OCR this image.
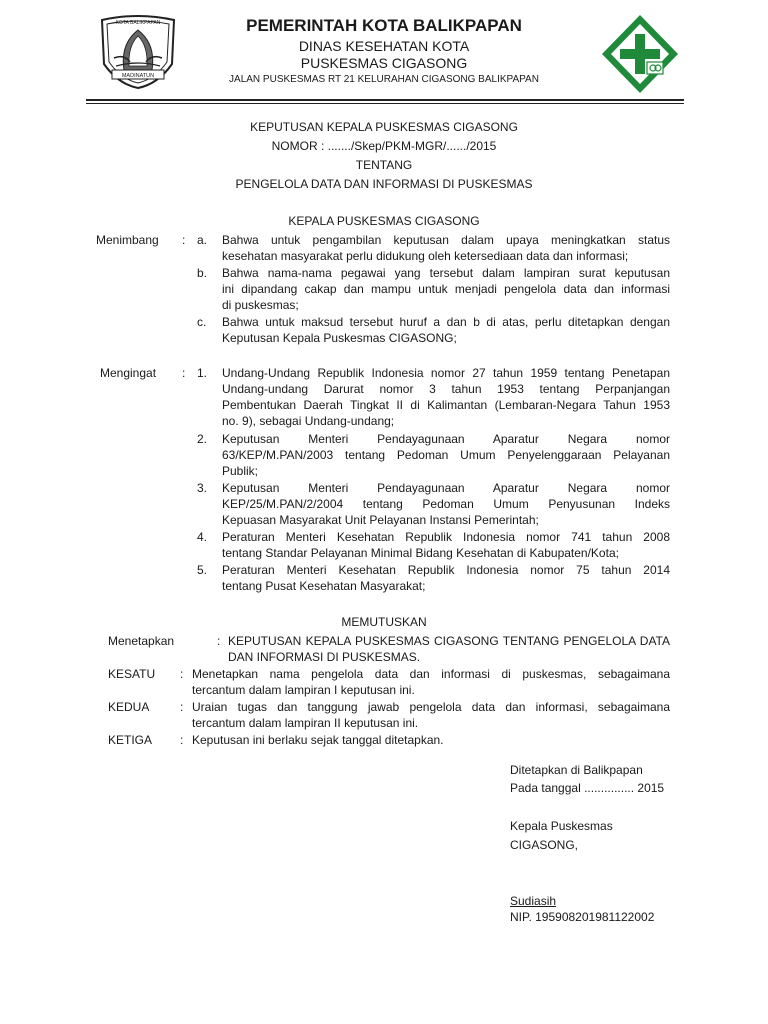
KOTA BALIKPAPAN
MADINATUN
PEMERINTAH KOTA BALIKPAPAN
DINAS KESEHATAN KOTA
PUSKESMAS CIGASONG
JALAN PUSKESMAS RT 21 KELURAHAN CIGASONG BALIKPAPAN
KEPUTUSAN KEPALA PUSKESMAS CIGASONG
NOMOR : ......./Skep/PKM-MGR/....../2015
TENTANG
PENGELOLA DATA DAN INFORMASI DI PUSKESMAS
KEPALA PUSKESMAS CIGASONG
Menimbang : a. Bahwa untuk pengambilan keputusan dalam upaya meningkatkan status
kesehatan masyarakat perlu didukung oleh ketersediaan data dan informasi;
b. Bahwa nama-nama pegawai yang tersebut dalam lampiran surat keputusan
ini dipandang cakap dan mampu untuk menjadi pengelola data dan informasi
di puskesmas;
c. Bahwa untuk maksud tersebut huruf a dan b di atas, perlu ditetapkan dengan
Keputusan Kepala Puskesmas CIGASONG;
Mengingat : 1. Undang-Undang Republik Indonesia nomor 27 tahun 1959 tentang Penetapan
Undang-undang Darurat nomor 3 tahun 1953 tentang Perpanjangan
Pembentukan Daerah Tingkat II di Kalimantan (Lembaran-Negara Tahun 1953
no. 9), sebagai Undang-undang;
2. Keputusan Menteri Pendayagunaan Aparatur Negara nomor
63/KEP/M.PAN/2003 tentang Pedoman Umum Penyelenggaraan Pelayanan
Publik;
3. Keputusan Menteri Pendayagunaan Aparatur Negara nomor
KEP/25/M.PAN/2/2004 tentang Pedoman Umum Penyusunan Indeks
Kepuasan Masyarakat Unit Pelayanan Instansi Pemerintah;
4. Peraturan Menteri Kesehatan Republik Indonesia nomor 741 tahun 2008
tentang Standar Pelayanan Minimal Bidang Kesehatan di Kabupaten/Kota;
5. Peraturan Menteri Kesehatan Republik Indonesia nomor 75 tahun 2014
tentang Pusat Kesehatan Masyarakat;
MEMUTUSKAN
Menetapkan	: KEPUTUSAN KEPALA PUSKESMAS CIGASONG TENTANG PENGELOLA DATA
DAN INFORMASI DI PUSKESMAS.
KESATU : Menetapkan nama pengelola data dan informasi di puskesmas, sebagaimana
tercantum dalam lampiran I keputusan ini.
KEDUA	: Uraian tugas dan tanggung jawab pengelola data dan informasi, sebagaimana
tercantum dalam lampiran II keputusan ini.
KETIGA : Keputusan ini berlaku sejak tanggal ditetapkan.
Ditetapkan di Balikpapan
Pada tanggal ............... 2015
Kepala Puskesmas
CIGASONG,
Sudiasih
NIP. 195908201981122002
